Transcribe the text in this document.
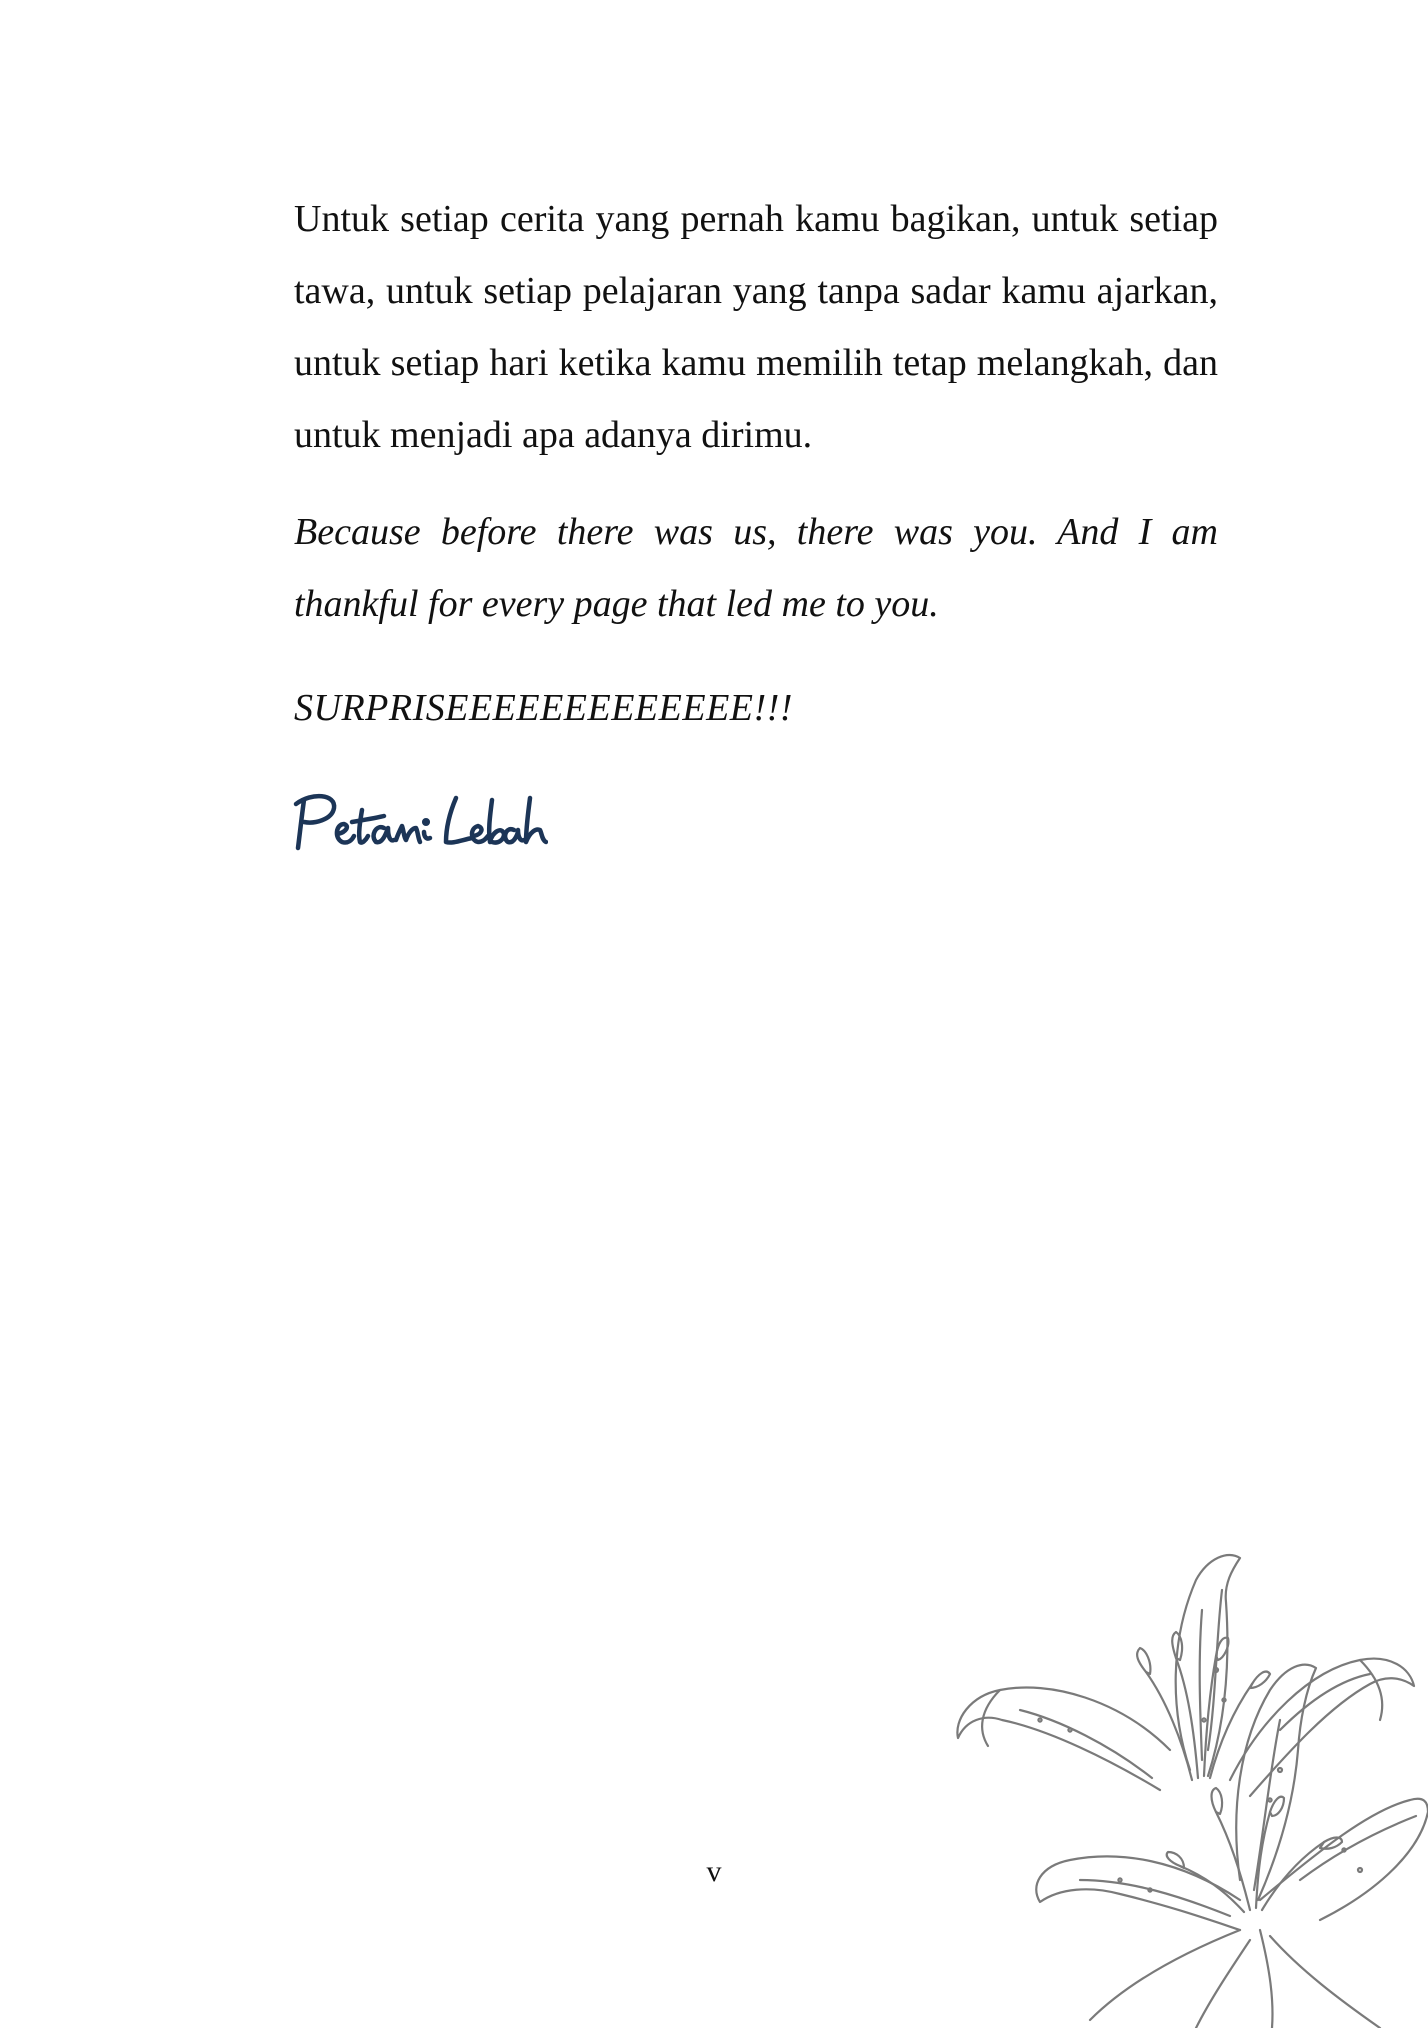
Untuk setiap cerita yang pernah kamu bagikan, untuk setiap tawa, untuk setiap pelajaran yang tanpa sadar kamu ajarkan, untuk setiap hari ketika kamu memilih tetap melangkah, dan untuk menjadi apa adanya dirimu.

Because before there was us, there was you. And I am thankful for every page that led me to you.

SURPRISEEEEEEEEEEEEE!!!

v
